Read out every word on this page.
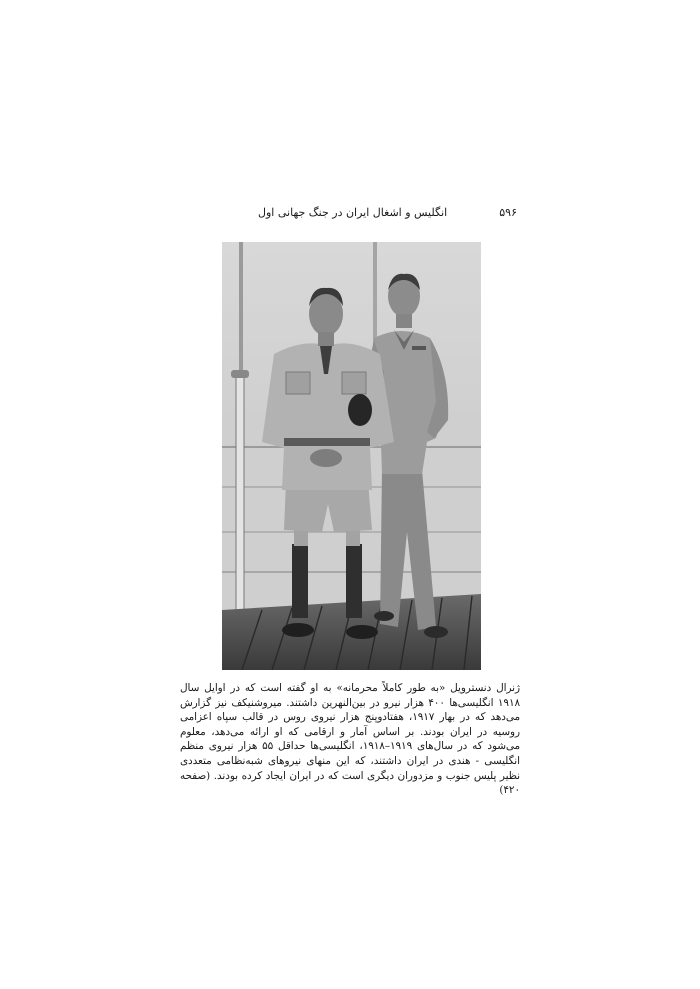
۵۹۶
انگلیس و اشغال ایران در جنگ جهانی اول

ژنرال دنسترویل «به طور کاملاً محرمانه» به او گفته است که در اوایل سال ۱۹۱۸ انگلیسی‌ها ۴۰۰ هزار نیرو در بین‌النهرین داشتند. میروشنیکف نیز گزارش می‌دهد که در بهار ۱۹۱۷، هفتادوپنج هزار نیروی روس در قالب سپاه اعزامی روسیه در ایران بودند. بر اساس آمار و ارقامی که او ارائه می‌دهد، معلوم می‌شود که در سال‌های ۱۹۱۹–۱۹۱۸، انگلیسی‌ها حداقل ۵۵ هزار نیروی منظم انگلیسی - هندی در ایران داشتند، که این منهای نیروهای شبه‌نظامی متعددی نظیر پلیس جنوب و مزدوران دیگری است که در ایران ایجاد کرده بودند. (صفحه ۴۲۰)
